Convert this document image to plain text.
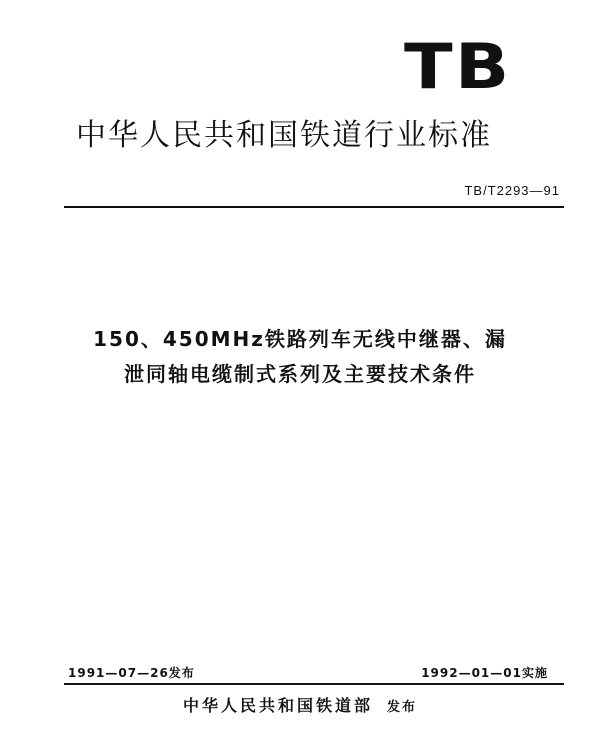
TB
中华人民共和国铁道行业标准
TB/T2293—91
150、450MHz铁路列车无线中继器、漏
泄同轴电缆制式系列及主要技术条件
1991—07—26发布	1992—01—01实施
中华人民共和国铁道部 发布
